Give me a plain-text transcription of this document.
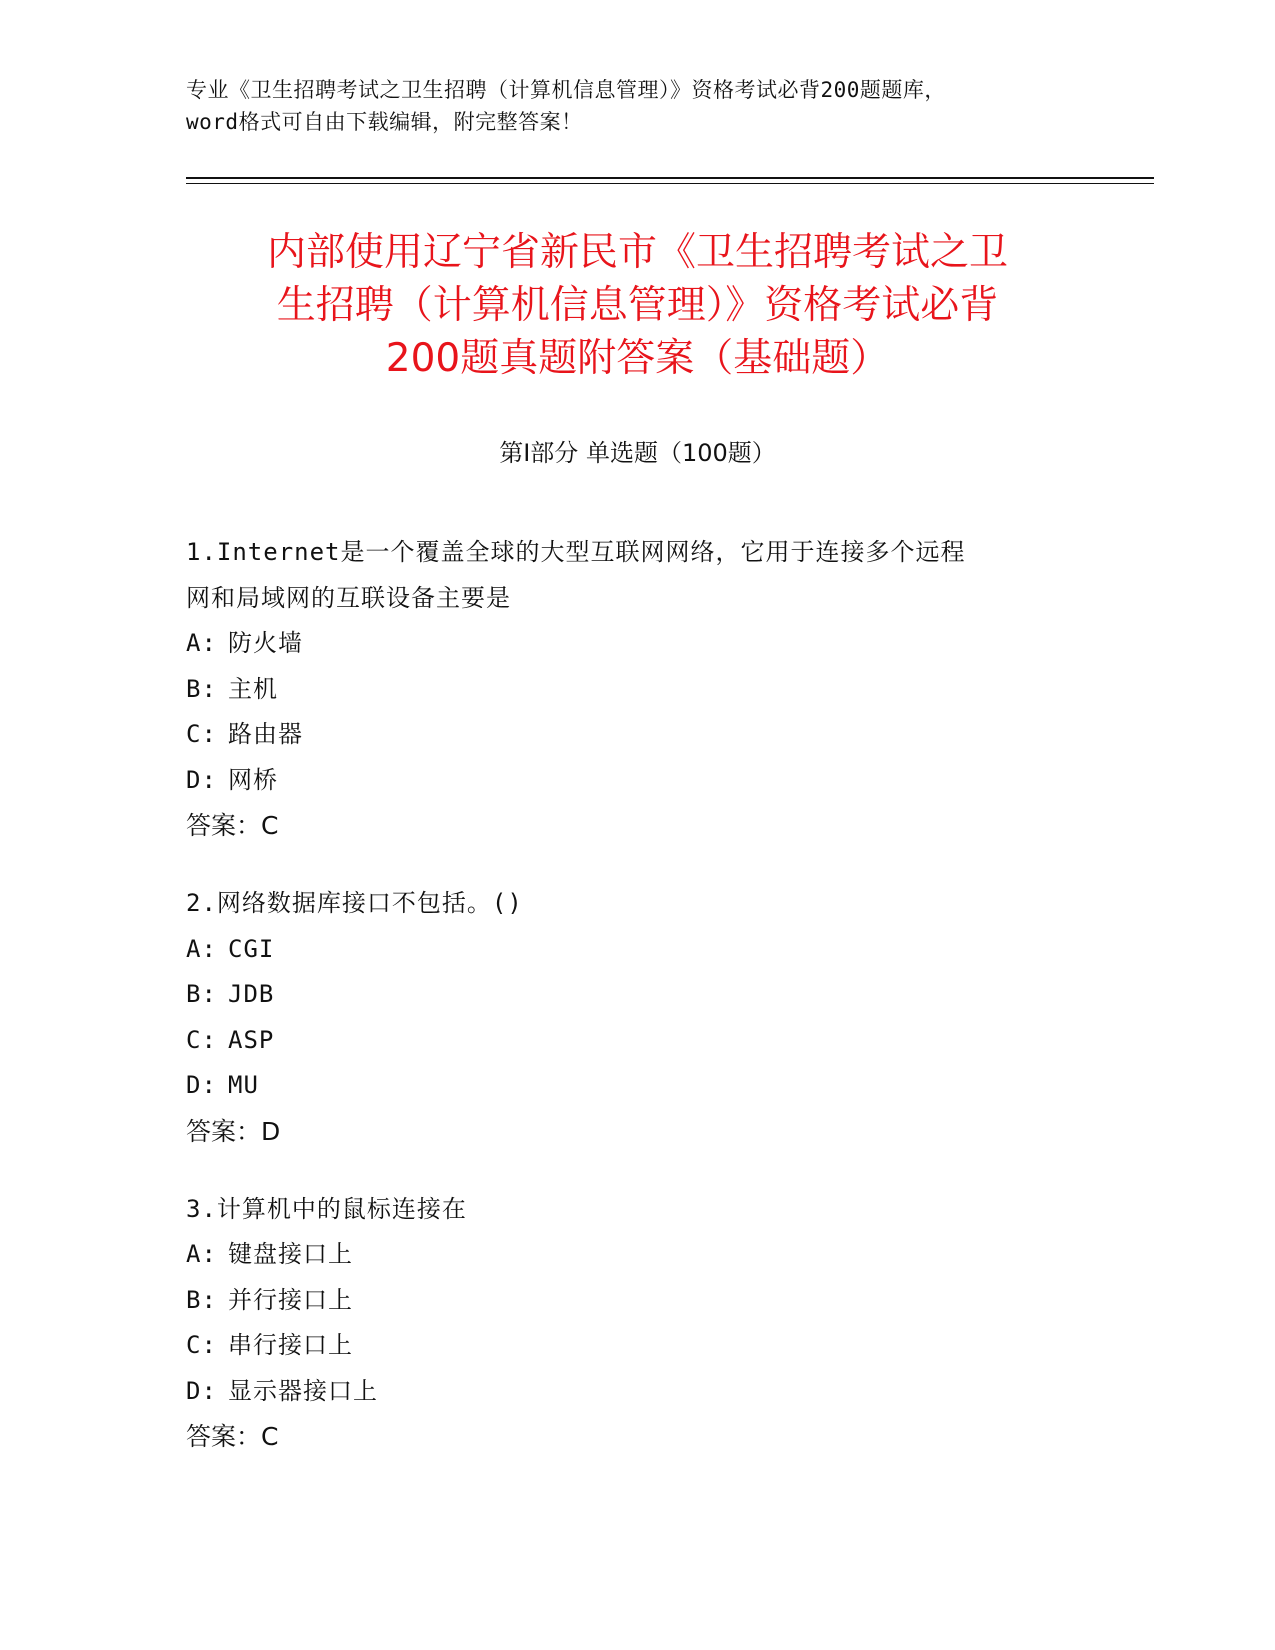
专业《卫生招聘考试之卫生招聘（计算机信息管理）》资格考试必背200题题库，
word格式可自由下载编辑，附完整答案！
内部使用辽宁省新民市《卫生招聘考试之卫
生招聘（计算机信息管理）》资格考试必背
200题真题附答案（基础题）
第Ⅰ部分 单选题（100题）
1.Internet是一个覆盖全球的大型互联网网络，它用于连接多个远程
网和局域网的互联设备主要是
A: 防火墙
B: 主机
C: 路由器
D: 网桥
答案：C
2.网络数据库接口不包括。()
A: CGI
B: JDB
C: ASP
D: MU
答案：D
3.计算机中的鼠标连接在
A: 键盘接口上
B: 并行接口上
C: 串行接口上
D: 显示器接口上
答案：C
